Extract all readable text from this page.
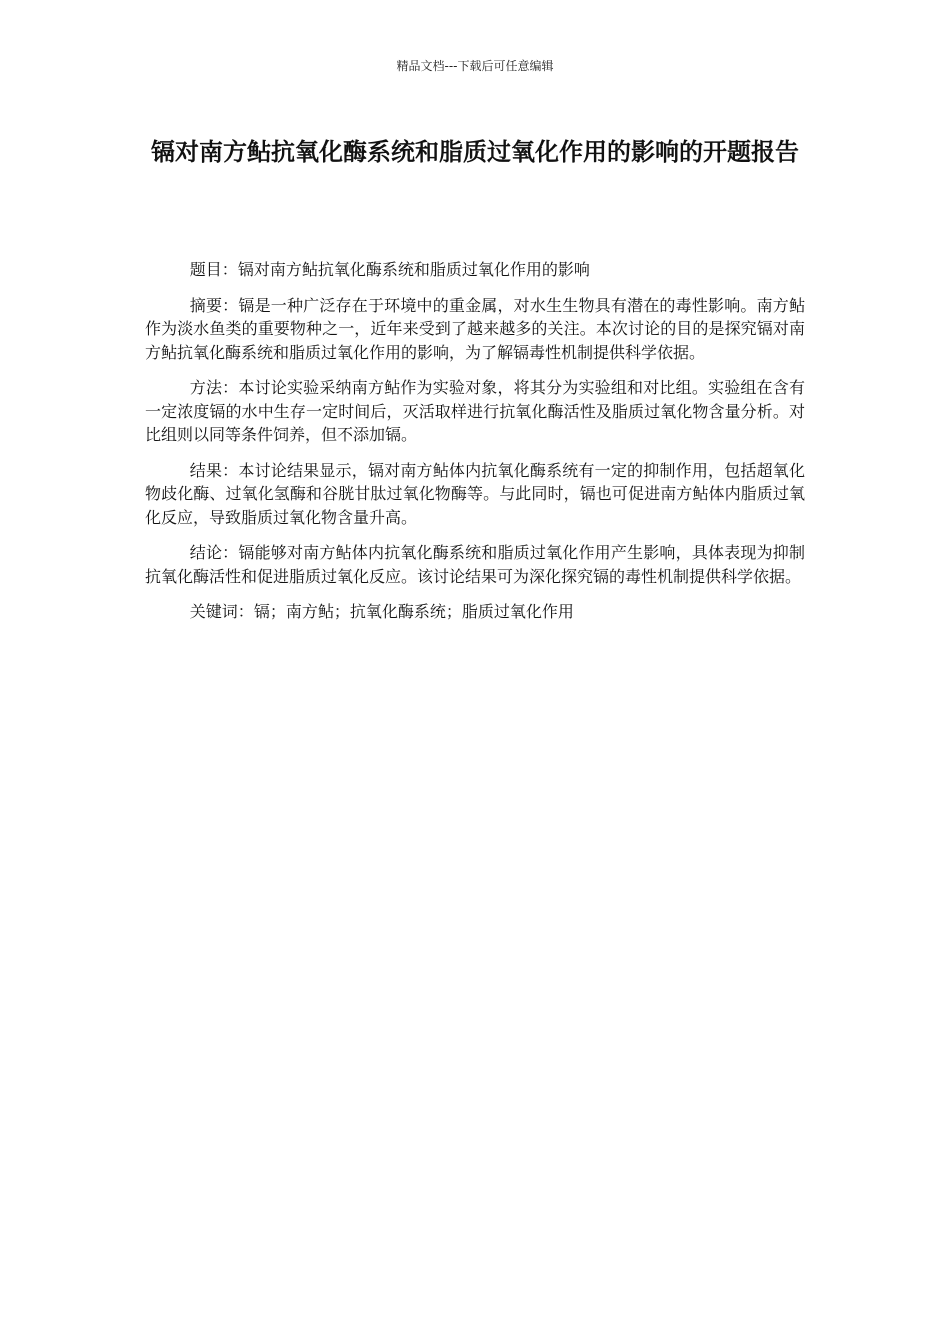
精品文档---下载后可任意编辑
镉对南方鲇抗氧化酶系统和脂质过氧化作用的影响的开题报告

题目：镉对南方鲇抗氧化酶系统和脂质过氧化作用的影响

摘要：镉是一种广泛存在于环境中的重金属，对水生生物具有潜在的毒性影响。南方鲇作为淡水鱼类的重要物种之一，近年来受到了越来越多的关注。本次讨论的目的是探究镉对南方鲇抗氧化酶系统和脂质过氧化作用的影响，为了解镉毒性机制提供科学依据。

方法：本讨论实验采纳南方鲇作为实验对象，将其分为实验组和对比组。实验组在含有一定浓度镉的水中生存一定时间后，灭活取样进行抗氧化酶活性及脂质过氧化物含量分析。对比组则以同等条件饲养，但不添加镉。

结果：本讨论结果显示，镉对南方鲇体内抗氧化酶系统有一定的抑制作用，包括超氧化物歧化酶、过氧化氢酶和谷胱甘肽过氧化物酶等。与此同时，镉也可促进南方鲇体内脂质过氧化反应，导致脂质过氧化物含量升高。

结论：镉能够对南方鲇体内抗氧化酶系统和脂质过氧化作用产生影响，具体表现为抑制抗氧化酶活性和促进脂质过氧化反应。该讨论结果可为深化探究镉的毒性机制提供科学依据。

关键词：镉；南方鲇；抗氧化酶系统；脂质过氧化作用
